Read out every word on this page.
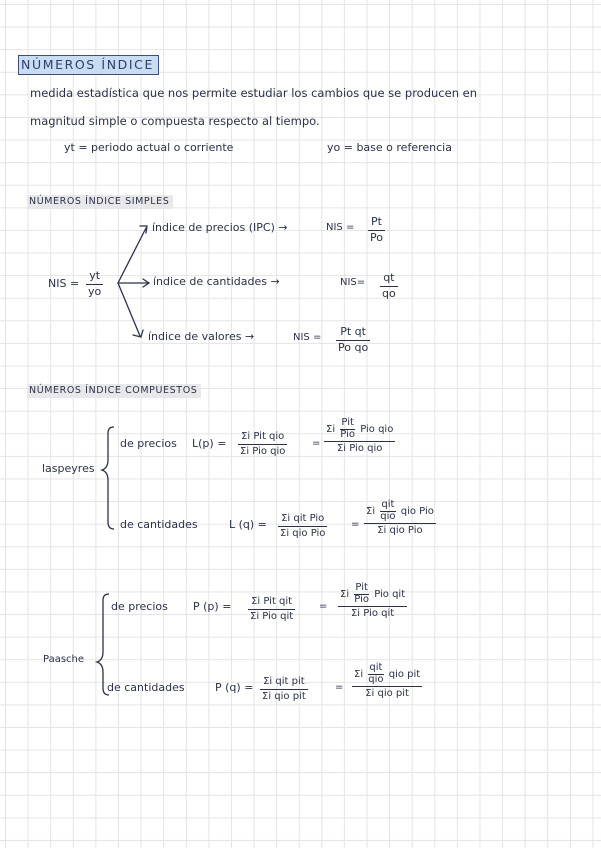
NÚMEROS ÍNDICE
medida estadística que nos permite estudiar los cambios que se producen en
magnitud simple o compuesta respecto al tiempo.
yt = periodo actual o corriente	yo = base o referencia
NÚMEROS ÍNDICE SIMPLES
NIS = $\frac{yt}{yo}$
índice de precios (IPC) →	NIS = $\frac{Pt}{Po}$
índice de cantidades →	$NIS= \frac{qt}{qo}$
índice de valores →	NIS = $\frac{\text{Pt qt}}{\text{Po qo}}$
NÚMEROS ÍNDICE COMPUESTOS
laspeyres
de precios L(p) =
Σi Pit qio
Σi Pio qio
=
Σi
Pit
Pio Pio qio
Σi Pio qio
de cantidades	L (q) =	Σi qit Pio
Σi qio Pio
=
Σi
qit
qio qio Pio
Σi qio Pio
Paasche
de precios P (p) =	Σi Pit qit
Σi Pio qit
=
Σi
Pit
Pio Pio qit
Σi Pio qit
de cantidades	P (q) = Σi qit pit
Σi qio pit
=
Σi
qit
qio qio pit
Σi qio pit
